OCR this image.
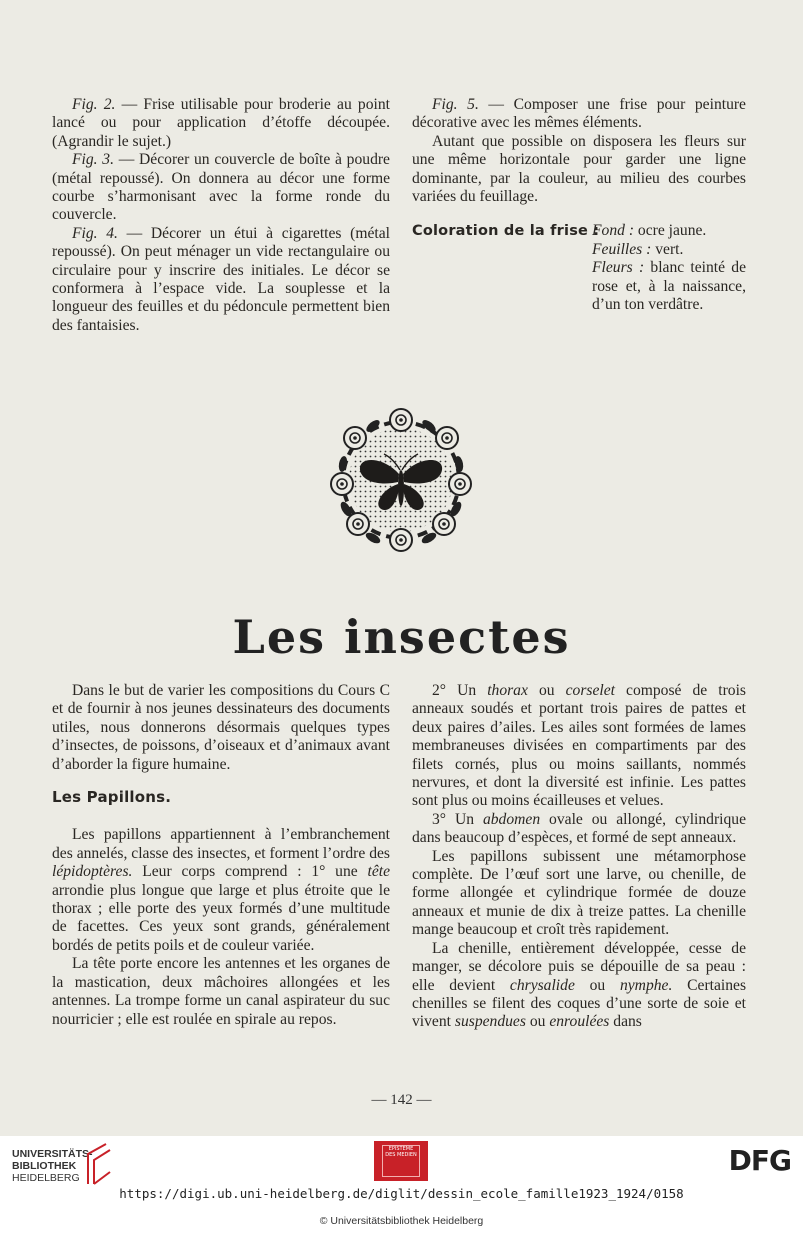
Fig. 2. — Frise utilisable pour broderie au point lancé ou pour application d’étoffe découpée. (Agrandir le sujet.)

Fig. 3. — Décorer un couvercle de boîte à poudre (métal repoussé). On donnera au décor une forme courbe s’harmonisant avec la forme ronde du couvercle.

Fig. 4. — Décorer un étui à cigarettes (métal repoussé). On peut ménager un vide rectangulaire ou circulaire pour y inscrire des initiales. Le décor se conformera à l’espace vide. La souplesse et la longueur des feuilles et du pédoncule permettent bien des fantaisies.

Fig. 5. — Composer une frise pour peinture décorative avec les mêmes éléments.

Autant que possible on disposera les fleurs sur une même horizontale pour garder une ligne dominante, par la couleur, au milieu des courbes variées du feuillage.

Coloration de la frise :
Fond : ocre jaune.
Feuilles : vert.
Fleurs : blanc teinté de rose et, à la naissance, d’un ton verdâtre.
Les insectes

Dans le but de varier les compositions du Cours C et de fournir à nos jeunes dessinateurs des documents utiles, nous donnerons désormais quelques types d’insectes, de poissons, d’oiseaux et d’animaux avant d’aborder la figure humaine.

Les Papillons.

Les papillons appartiennent à l’embranchement des annelés, classe des insectes, et forment l’ordre des lépidoptères. Leur corps comprend : 1° une tête arrondie plus longue que large et plus étroite que le thorax ; elle porte des yeux formés d’une multitude de facettes. Ces yeux sont grands, généralement bordés de petits poils et de couleur variée.

La tête porte encore les antennes et les organes de la mastication, deux mâchoires allongées et les antennes. La trompe forme un canal aspirateur du suc nourricier ; elle est roulée en spirale au repos.

2° Un thorax ou corselet composé de trois anneaux soudés et portant trois paires de pattes et deux paires d’ailes. Les ailes sont formées de lames membraneuses divisées en compartiments par des filets cornés, plus ou moins saillants, nommés nervures, et dont la diversité est infinie. Les pattes sont plus ou moins écailleuses et velues.

3° Un abdomen ovale ou allongé, cylindrique dans beaucoup d’espèces, et formé de sept anneaux.

Les papillons subissent une métamorphose complète. De l’œuf sort une larve, ou chenille, de forme allongée et cylindrique formée de douze anneaux et munie de dix à treize pattes. La chenille mange beaucoup et croît très rapidement.

La chenille, entièrement développée, cesse de manger, se décolore puis se dépouille de sa peau : elle devient chrysalide ou nymphe. Certaines chenilles se filent des coques d’une sorte de soie et vivent suspendues ou enroulées dans

— 142 —
UNIVERSITÄTS-
BIBLIOTHEK
HEIDELBERG
EPISTEME DES MEDIEN	DFG
https://digi.ub.uni-heidelberg.de/diglit/dessin_ecole_famille1923_1924/0158
© Universitätsbibliothek Heidelberg
